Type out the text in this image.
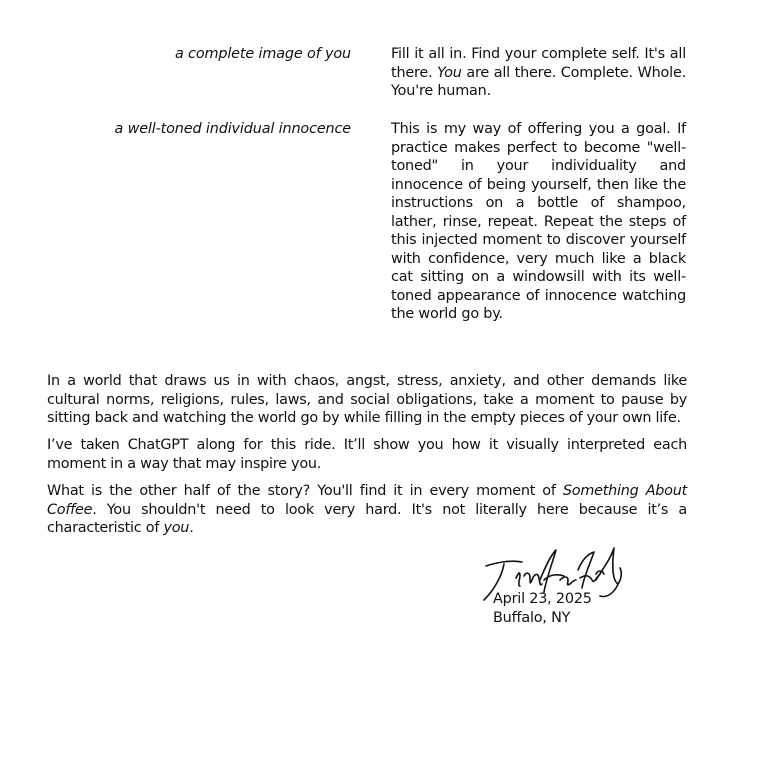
a complete image of you	Fill it all in. Find your complete self. It's all there. You are all there. Complete. Whole. You're human.

a well-toned individual innocence	This is my way of offering you a goal. If practice makes perfect to become "well-toned" in your individuality and innocence of being yourself, then like the instructions on a bottle of shampoo, lather, rinse, repeat. Repeat the steps of this injected moment to discover yourself with confidence, very much like a black cat sitting on a windowsill with its well-toned appearance of innocence watching the world go by.

In a world that draws us in with chaos, angst, stress, anxiety, and other demands like cultural norms, religions, rules, laws, and social obligations, take a moment to pause by sitting back and watching the world go by while filling in the empty pieces of your own life.

I’ve taken ChatGPT along for this ride. It’ll show you how it visually interpreted each moment in a way that may inspire you.

What is the other half of the story? You'll find it in every moment of Something About Coffee. You shouldn't need to look very hard. It's not literally here because it’s a characteristic of you.

April 23, 2025
Buffalo, NY
